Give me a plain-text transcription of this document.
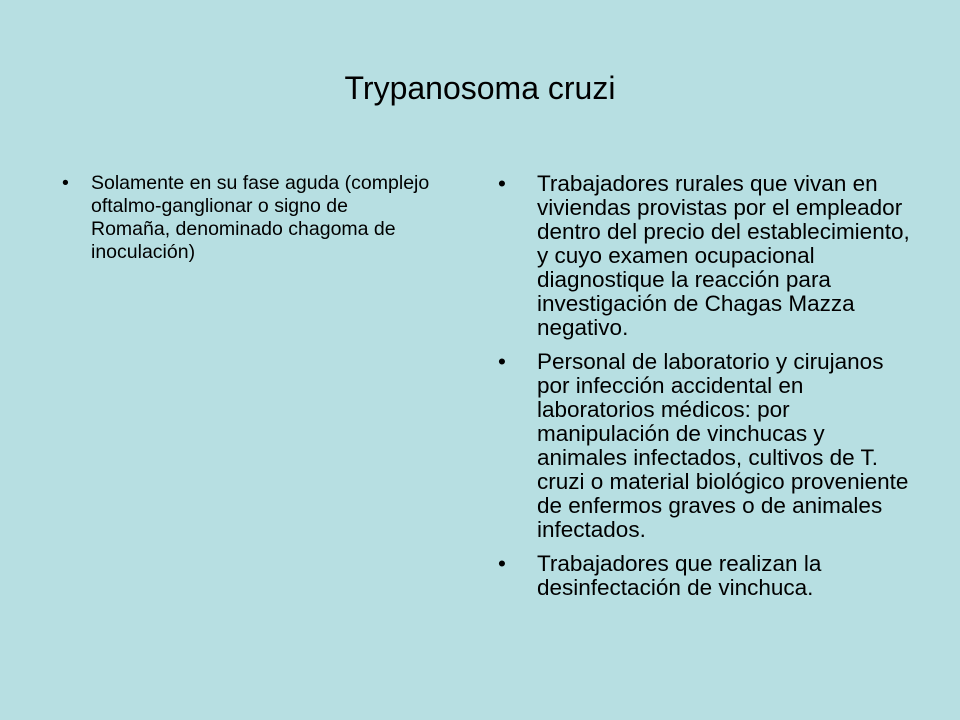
Trypanosoma cruzi
• Solamente en su fase aguda (complejo oftalmo-ganglionar o signo de Romaña, denominado chagoma de inoculación)
• Trabajadores rurales que vivan en viviendas provistas por el empleador dentro del precio del establecimiento, y cuyo examen ocupacional diagnostique la reacción para investigación de Chagas Mazza negativo.
• Personal de laboratorio y cirujanos por infección accidental en laboratorios médicos: por manipulación de vinchucas y animales infectados, cultivos de T. cruzi o material biológico proveniente de enfermos graves o de animales infectados.
• Trabajadores que realizan la desinfectación de vinchuca.
